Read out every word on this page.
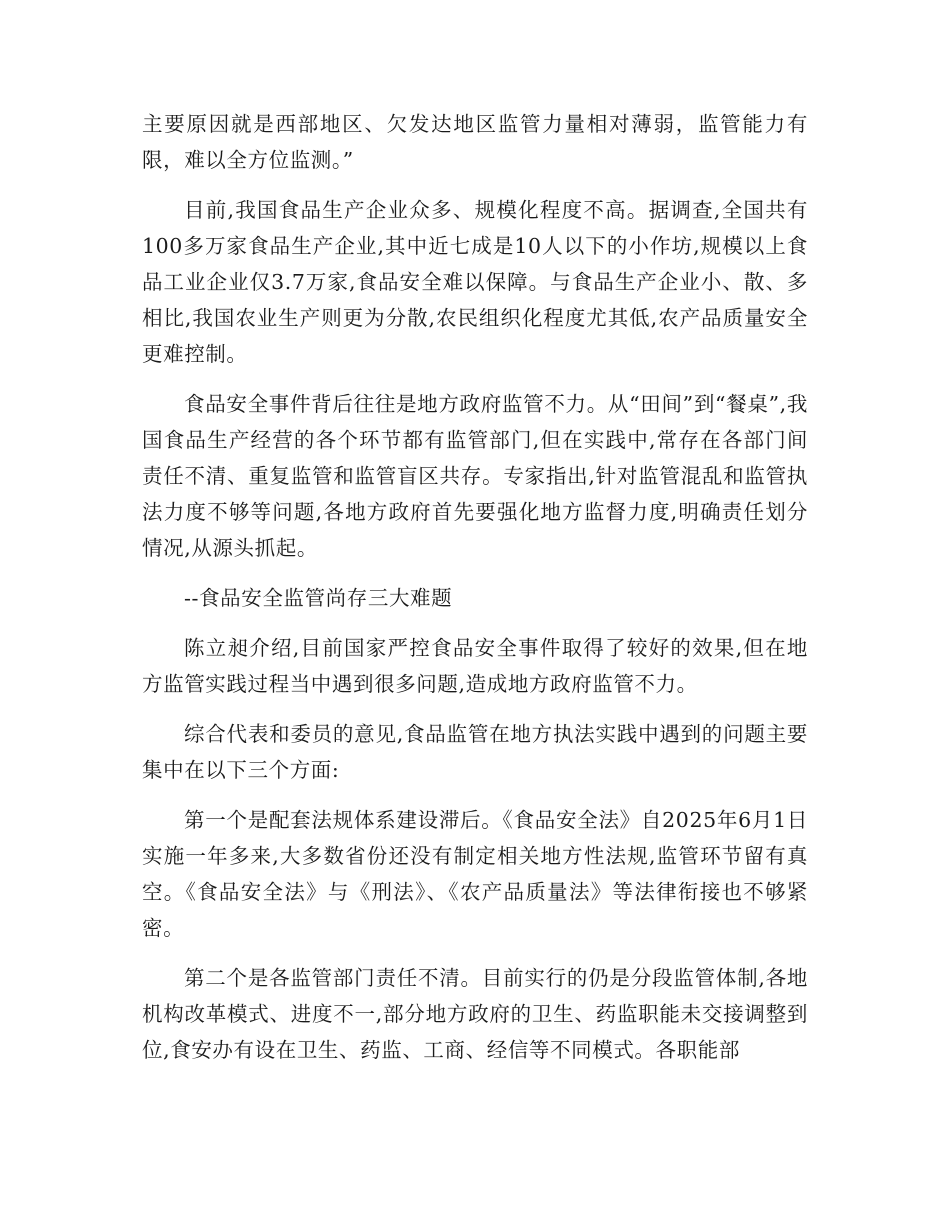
主要原因就是西部地区、欠发达地区监管力量相对薄弱，监管能力有限，难以全方位监测。”

目前,我国食品生产企业众多、规模化程度不高。据调查,全国共有100多万家食品生产企业,其中近七成是10人以下的小作坊,规模以上食品工业企业仅3.7万家,食品安全难以保障。与食品生产企业小、散、多相比,我国农业生产则更为分散,农民组织化程度尤其低,农产品质量安全更难控制。

食品安全事件背后往往是地方政府监管不力。从“田间”到“餐桌”,我国食品生产经营的各个环节都有监管部门,但在实践中,常存在各部门间责任不清、重复监管和监管盲区共存。专家指出,针对监管混乱和监管执法力度不够等问题,各地方政府首先要强化地方监督力度,明确责任划分情况,从源头抓起。

--食品安全监管尚存三大难题

陈立昶介绍,目前国家严控食品安全事件取得了较好的效果,但在地方监管实践过程当中遇到很多问题,造成地方政府监管不力。

综合代表和委员的意见,食品监管在地方执法实践中遇到的问题主要集中在以下三个方面:

第一个是配套法规体系建设滞后。《食品安全法》自2025年6月1日实施一年多来,大多数省份还没有制定相关地方性法规,监管环节留有真空。《食品安全法》与《刑法》、《农产品质量法》等法律衔接也不够紧密。

第二个是各监管部门责任不清。目前实行的仍是分段监管体制,各地机构改革模式、进度不一,部分地方政府的卫生、药监职能未交接调整到位,食安办有设在卫生、药监、工商、经信等不同模式。各职能部
